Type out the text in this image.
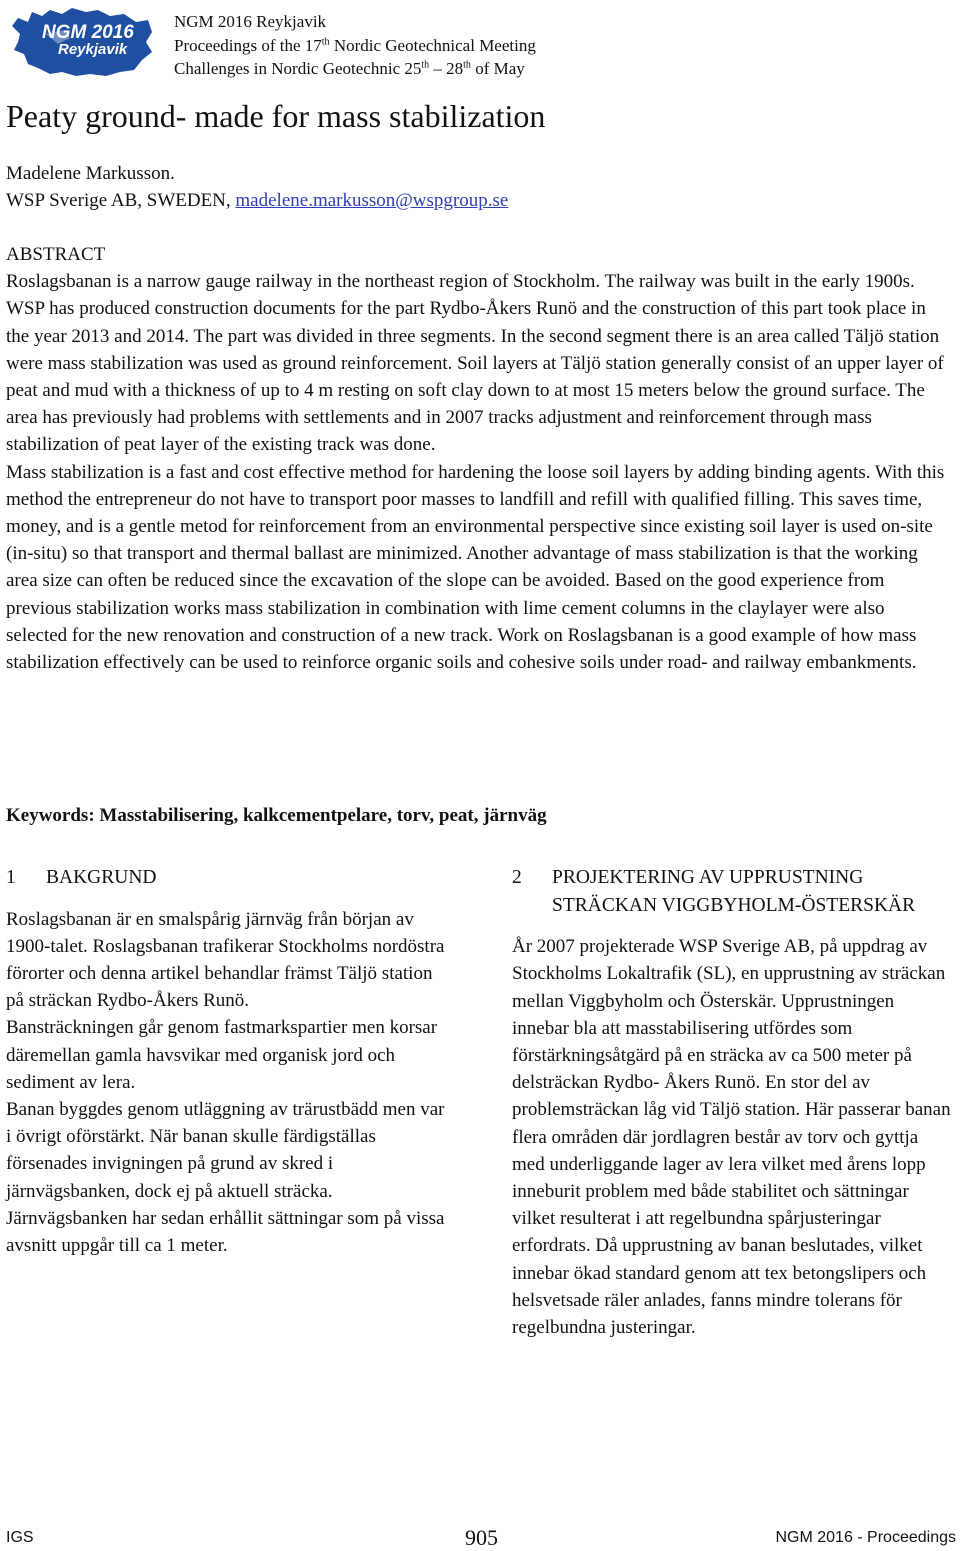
NGM 2016
Reykjavik
NGM 2016 Reykjavik
Proceedings of the 17th Nordic Geotechnical Meeting
Challenges in Nordic Geotechnic 25th – 28th of May
Peaty ground- made for mass stabilization
Madelene Markusson.
WSP Sverige AB, SWEDEN, madelene.markusson@wspgroup.se

ABSTRACT

Roslagsbanan is a narrow gauge railway in the northeast region of Stockholm. The railway was built in the early 1900s. WSP has produced construction documents for the part Rydbo-Åkers Runö and the construction of this part took place in the year 2013 and 2014. The part was divided in three segments. In the second segment there is an area called Täljö station were mass stabilization was used as ground reinforcement. Soil layers at Täljö station generally consist of an upper layer of peat and mud with a thickness of up to 4 m resting on soft clay down to at most 15 meters below the ground surface. The area has previously had problems with settlements and in 2007 tracks adjustment and reinforcement through mass stabilization of peat layer of the existing track was done.

Mass stabilization is a fast and cost effective method for hardening the loose soil layers by adding binding agents. With this method the entrepreneur do not have to transport poor masses to landfill and refill with qualified filling. This saves time, money, and is a gentle metod for reinforcement from an environmental perspective since existing soil layer is used on-site (in-situ) so that transport and thermal ballast are minimized. Another advantage of mass stabilization is that the working area size can often be reduced since the excavation of the slope can be avoided. Based on the good experience from previous stabilization works mass stabilization in combination with lime cement columns in the claylayer were also selected for the new renovation and construction of a new track. Work on Roslagsbanan is a good example of how mass stabilization effectively can be used to reinforce organic soils and cohesive soils under road- and railway embankments.

Keywords: Masstabilisering, kalkcementpelare, torv, peat, järnväg
1	BAKGRUND

Roslagsbanan är en smalspårig järnväg från början av 1900-talet. Roslagsbanan trafikerar Stockholms nordöstra förorter och denna artikel behandlar främst Täljö station på sträckan Rydbo-Åkers Runö.

Bansträckningen går genom fastmarkspartier men korsar däremellan gamla havsvikar med organisk jord och sediment av lera.

Banan byggdes genom utläggning av trärustbädd men var i övrigt oförstärkt. När banan skulle färdigställas försenades invigningen på grund av skred i järnvägsbanken, dock ej på aktuell sträcka. Järnvägsbanken har sedan erhållit sättningar som på vissa avsnitt uppgår till ca 1 meter.

2	PROJEKTERING AV UPPRUSTNING STRÄCKAN VIGGBYHOLM-ÖSTERSKÄR

År 2007 projekterade WSP Sverige AB, på uppdrag av Stockholms Lokaltrafik (SL), en upprustning av sträckan mellan Viggbyholm och Österskär. Upprustningen innebar bla att masstabilisering utfördes som förstärkningsåtgärd på en sträcka av ca 500 meter på delsträckan Rydbo- Åkers Runö. En stor del av problemsträckan låg vid Täljö station. Här passerar banan flera områden där jordlagren består av torv och gyttja med underliggande lager av lera vilket med årens lopp inneburit problem med både stabilitet och sättningar vilket resulterat i att regelbundna spårjusteringar erfordrats. Då upprustning av banan beslutades, vilket innebar ökad standard genom att tex betongslipers och helsvetsade räler anlades, fanns mindre tolerans för regelbundna justeringar.

IGS	905	NGM 2016 - Proceedings
